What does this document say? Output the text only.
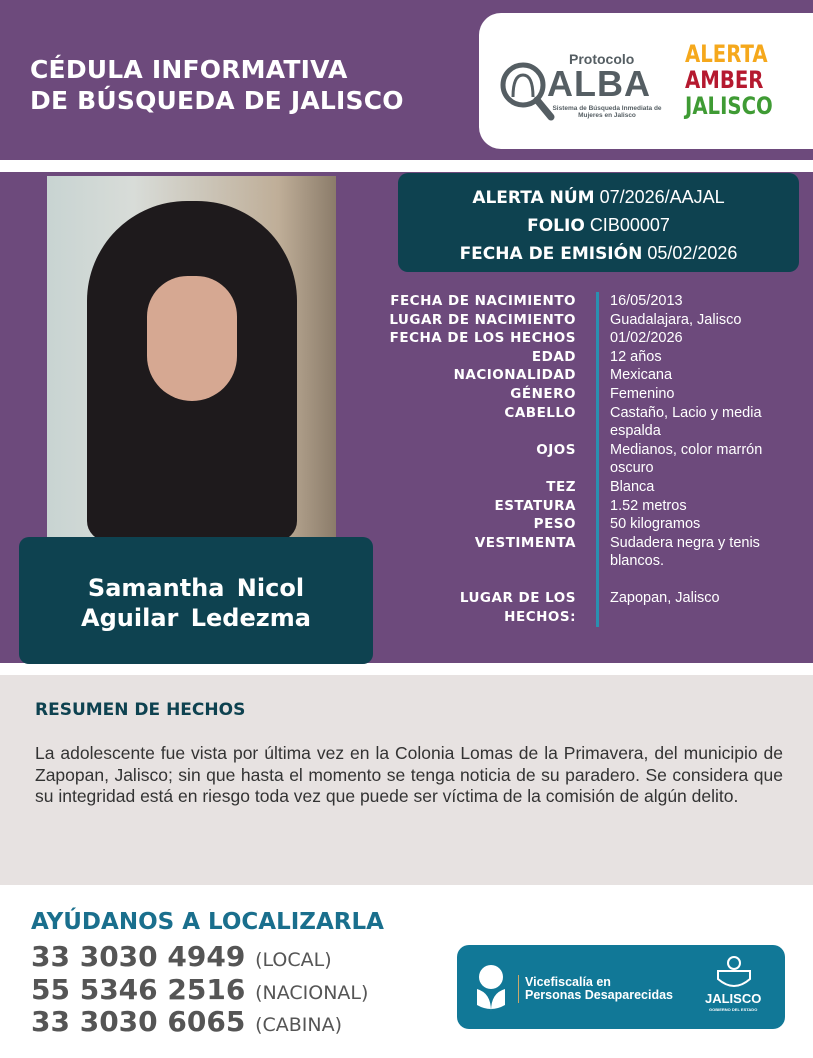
CÉDULA INFORMATIVA
DE BÚSQUEDA DE JALISCO
Protocolo
ALBA
Sistema de Búsqueda Inmediata de Mujeres en Jalisco
ALERTA
AMBER
JALISCO
Samantha Nicol
Aguilar Ledezma
ALERTA NÚM 07/2026/AAJAL
FOLIO CIB00007
FECHA DE EMISIÓN 05/02/2026
FECHA DE NACIMIENTO	16/05/2013
LUGAR DE NACIMIENTO	Guadalajara, Jalisco
FECHA DE LOS HECHOS	01/02/2026
EDAD	12 años
NACIONALIDAD	Mexicana
GÉNERO	Femenino
CABELLO	Castaño, Lacio y media espalda
OJOS	Medianos, color marrón oscuro
TEZ	Blanca
ESTATURA	1.52 metros
PESO	50 kilogramos
VESTIMENTA	Sudadera negra y tenis blancos.
LUGAR DE LOS HECHOS:
Zapopan, Jalisco
RESUMEN DE HECHOS
La adolescente fue vista por última vez en la Colonia Lomas de la Primavera, del municipio de Zapopan, Jalisco; sin que hasta el momento se tenga noticia de su paradero. Se considera que su integridad está en riesgo toda vez que puede ser víctima de la comisión de algún delito.
AYÚDANOS A LOCALIZARLA
33 3030 4949 (LOCAL)
55 5346 2516 (NACIONAL)
33 3030 6065 (CABINA)
Vicefiscalía en
Personas Desaparecidas JALISCO
GOBIERNO DEL ESTADO
